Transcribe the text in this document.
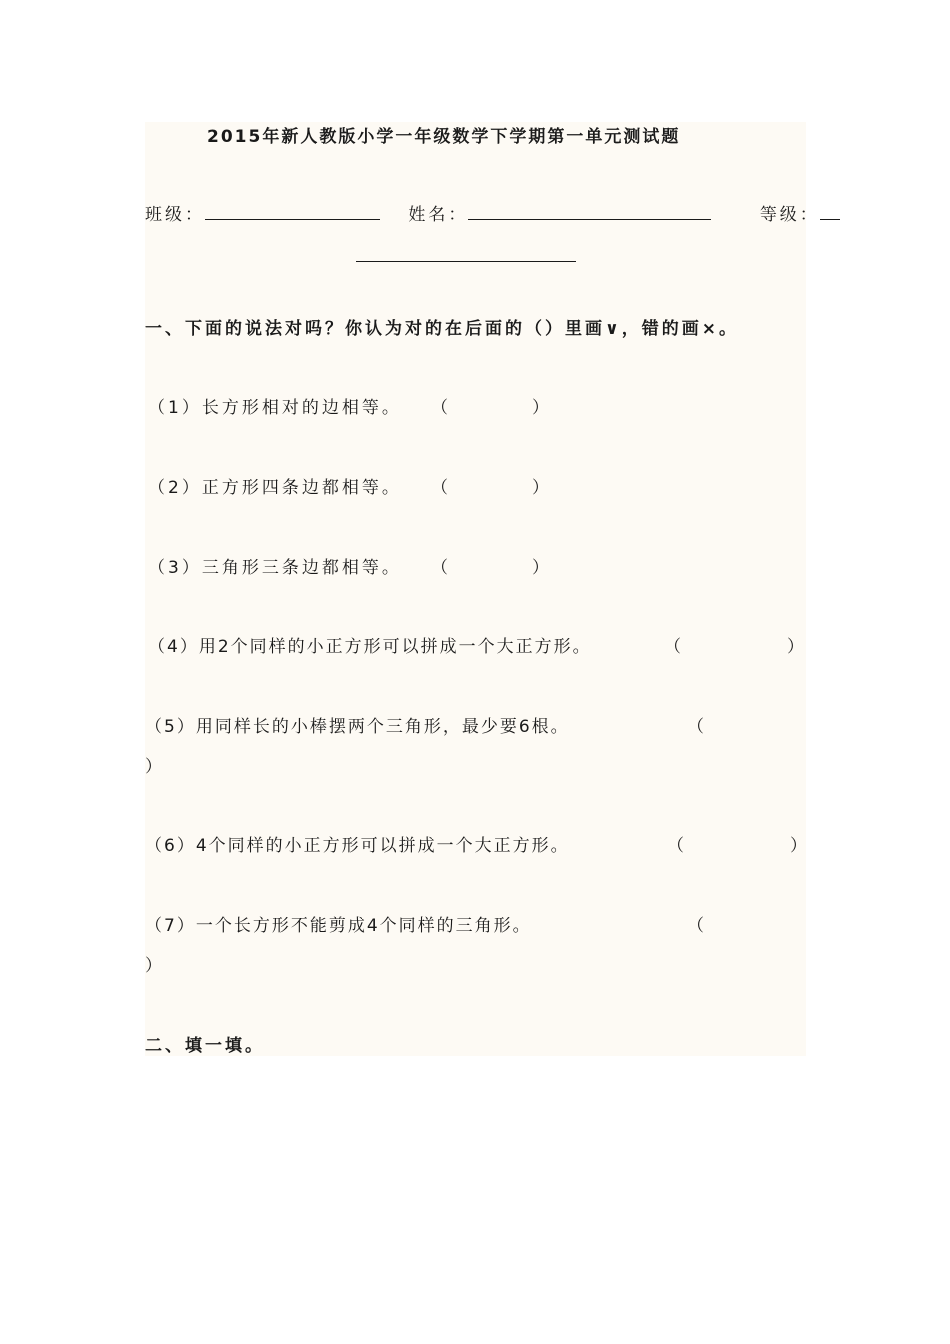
2015年新人教版小学一年级数学下学期第一单元测试题
班级：	姓名：	等级：
一、下面的说法对吗？你认为对的在后面的（）里画∨，错的画×。
（1）长方形相对的边相等。 （	）
（2）正方形四条边都相等。 （	）
（3）三角形三条边都相等。 （	）
（4）用2个同样的小正方形可以拼成一个大正方形。	（	）
（5）用同样长的小棒摆两个三角形，最少要6根。	（
）
（6）4个同样的小正方形可以拼成一个大正方形。	（	）
（7）一个长方形不能剪成4个同样的三角形。	（
）
二、填一填。
